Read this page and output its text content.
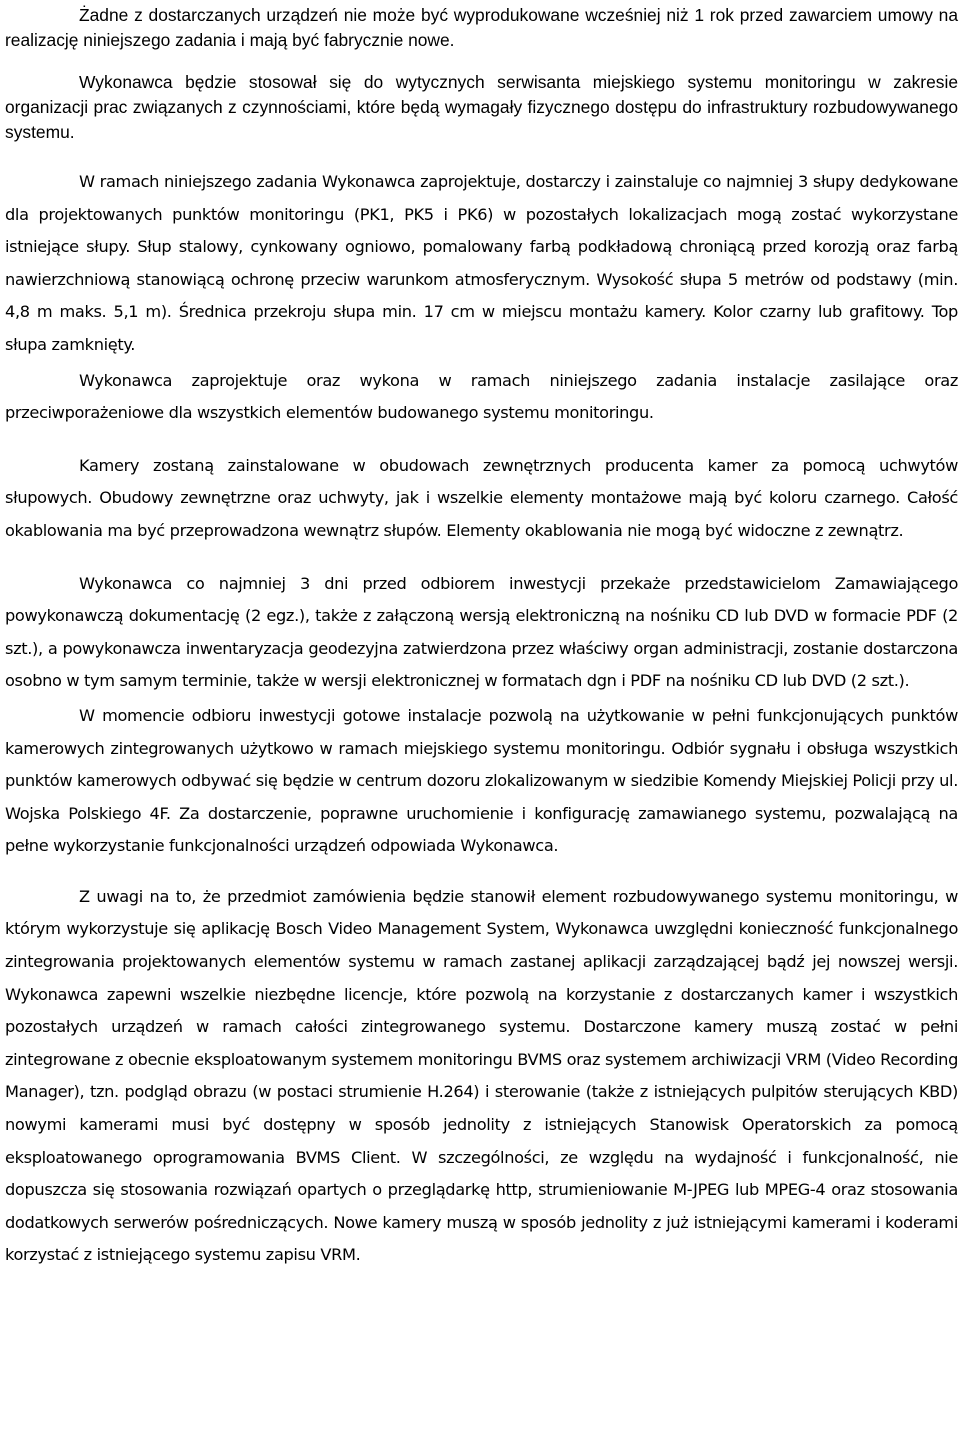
Żadne z dostarczanych urządzeń nie może być wyprodukowane wcześniej niż 1 rok przed zawarciem umowy na realizację niniejszego zadania i mają być fabrycznie nowe.

Wykonawca będzie stosował się do wytycznych serwisanta miejskiego systemu monitoringu w zakresie organizacji prac związanych z czynnościami, które będą wymagały fizycznego dostępu do infrastruktury rozbudowywanego systemu.

W ramach niniejszego zadania Wykonawca zaprojektuje, dostarczy i zainstaluje co najmniej 3 słupy dedykowane dla projektowanych punktów monitoringu (PK1, PK5 i PK6) w pozostałych lokalizacjach mogą zostać wykorzystane istniejące słupy. Słup stalowy, cynkowany ogniowo, pomalowany farbą podkładową chroniącą przed korozją oraz farbą nawierzchniową stanowiącą ochronę przeciw warunkom atmosferycznym. Wysokość słupa 5 metrów od podstawy (min. 4,8 m maks. 5,1 m). Średnica przekroju słupa min. 17 cm w miejscu montażu kamery. Kolor czarny lub grafitowy. Top słupa zamknięty.

Wykonawca zaprojektuje oraz wykona w ramach niniejszego zadania instalacje zasilające oraz przeciwporażeniowe dla wszystkich elementów budowanego systemu monitoringu.

Kamery zostaną zainstalowane w obudowach zewnętrznych producenta kamer za pomocą uchwytów słupowych. Obudowy zewnętrzne oraz uchwyty, jak i wszelkie elementy montażowe mają być koloru czarnego. Całość okablowania ma być przeprowadzona wewnątrz słupów. Elementy okablowania nie mogą być widoczne z zewnątrz.

Wykonawca co najmniej 3 dni przed odbiorem inwestycji przekaże przedstawicielom Zamawiającego powykonawczą dokumentację (2 egz.), także z załączoną wersją elektroniczną na nośniku CD lub DVD w formacie PDF (2 szt.), a powykonawcza inwentaryzacja geodezyjna zatwierdzona przez właściwy organ administracji, zostanie dostarczona osobno w tym samym terminie, także w wersji elektronicznej w formatach dgn i PDF na nośniku CD lub DVD (2 szt.).

W momencie odbioru inwestycji gotowe instalacje pozwolą na użytkowanie w pełni funkcjonujących punktów kamerowych zintegrowanych użytkowo w ramach miejskiego systemu monitoringu. Odbiór sygnału i obsługa wszystkich punktów kamerowych odbywać się będzie w centrum dozoru zlokalizowanym w siedzibie Komendy Miejskiej Policji przy ul. Wojska Polskiego 4F. Za dostarczenie, poprawne uruchomienie i konfigurację zamawianego systemu, pozwalającą na pełne wykorzystanie funkcjonalności urządzeń odpowiada Wykonawca.

Z uwagi na to, że przedmiot zamówienia będzie stanowił element rozbudowywanego systemu monitoringu, w którym wykorzystuje się aplikację Bosch Video Management System, Wykonawca uwzględni konieczność funkcjonalnego zintegrowania projektowanych elementów systemu w ramach zastanej aplikacji zarządzającej bądź jej nowszej wersji. Wykonawca zapewni wszelkie niezbędne licencje, które pozwolą na korzystanie z dostarczanych kamer i wszystkich pozostałych urządzeń w ramach całości zintegrowanego systemu. Dostarczone kamery muszą zostać w pełni zintegrowane z obecnie eksploatowanym systemem monitoringu BVMS oraz systemem archiwizacji VRM (Video Recording Manager), tzn. podgląd obrazu (w postaci strumienie H.264) i sterowanie (także z istniejących pulpitów sterujących KBD) nowymi kamerami musi być dostępny w sposób jednolity z istniejących Stanowisk Operatorskich za pomocą eksploatowanego oprogramowania BVMS Client. W szczególności, ze względu na wydajność i funkcjonalność, nie dopuszcza się stosowania rozwiązań opartych o przeglądarkę http, strumieniowanie M-JPEG lub MPEG-4 oraz stosowania dodatkowych serwerów pośredniczących. Nowe kamery muszą w sposób jednolity z już istniejącymi kamerami i koderami korzystać z istniejącego systemu zapisu VRM.
